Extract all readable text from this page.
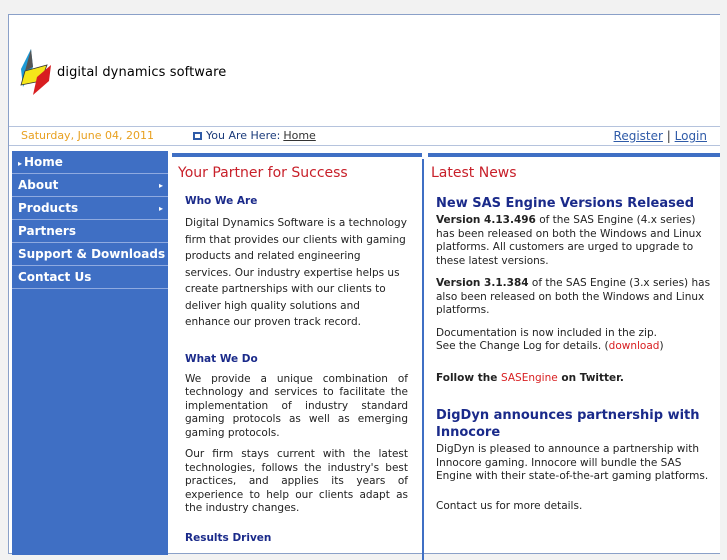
digital dynamics software
Saturday, June 04, 2011	You Are Here: Home	Register | Login
▸ Home
About	▸
Products	▸
Partners
Support & Downloads
Contact Us
Your Partner for Success
Who We Are
Digital Dynamics Software is a technology firm that provides our clients with gaming products and related engineering services. Our industry expertise helps us create partnerships with our clients to deliver high quality solutions and enhance our proven track record.
What We Do
We provide a unique combination of technology and services to facilitate the implementation of industry standard gaming protocols as well as emerging gaming protocols.
Our firm stays current with the latest technologies, follows the industry's best practices, and applies its years of experience to help our clients adapt as the industry changes.
Results Driven
Latest News
New SAS Engine Versions Released
Version 4.13.496 of the SAS Engine (4.x series) has been released on both the Windows and Linux platforms. All customers are urged to upgrade to these latest versions.
Version 3.1.384 of the SAS Engine (3.x series) has also been released on both the Windows and Linux platforms.
Documentation is now included in the zip.
See the Change Log for details. (download)
Follow the SASEngine on Twitter.
DigDyn announces partnership with Innocore
DigDyn is pleased to announce a partnership with Innocore gaming. Innocore will bundle the SAS Engine with their state-of-the-art gaming platforms.
Contact us for more details.
